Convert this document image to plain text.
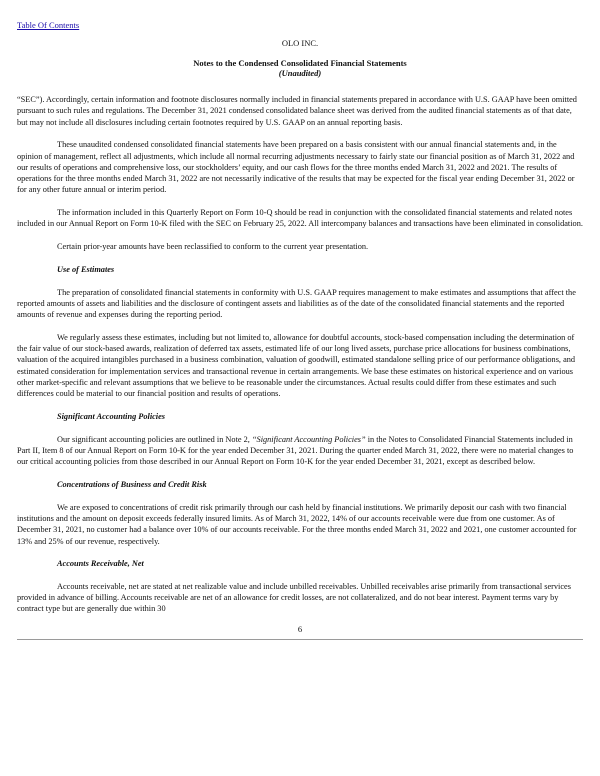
Table Of Contents
OLO INC.
Notes to the Condensed Consolidated Financial Statements
(Unaudited)

“SEC”). Accordingly, certain information and footnote disclosures normally included in financial statements prepared in accordance with U.S. GAAP have been omitted pursuant to such rules and regulations. The December 31, 2021 condensed consolidated balance sheet was derived from the audited financial statements as of that date, but may not include all disclosures including certain footnotes required by U.S. GAAP on an annual reporting basis.

These unaudited condensed consolidated financial statements have been prepared on a basis consistent with our annual financial statements and, in the opinion of management, reflect all adjustments, which include all normal recurring adjustments necessary to fairly state our financial position as of March 31, 2022 and our results of operations and comprehensive loss, our stockholders’ equity, and our cash flows for the three months ended March 31, 2022 and 2021. The results of operations for the three months ended March 31, 2022 are not necessarily indicative of the results that may be expected for the fiscal year ending December 31, 2022 or for any other future annual or interim period.

The information included in this Quarterly Report on Form 10-Q should be read in conjunction with the consolidated financial statements and related notes included in our Annual Report on Form 10-K filed with the SEC on February 25, 2022. All intercompany balances and transactions have been eliminated in consolidation.

Certain prior-year amounts have been reclassified to conform to the current year presentation.

Use of Estimates

The preparation of consolidated financial statements in conformity with U.S. GAAP requires management to make estimates and assumptions that affect the reported amounts of assets and liabilities and the disclosure of contingent assets and liabilities as of the date of the consolidated financial statements and the reported amounts of revenue and expenses during the reporting period.

We regularly assess these estimates, including but not limited to, allowance for doubtful accounts, stock-based compensation including the determination of the fair value of our stock-based awards, realization of deferred tax assets, estimated life of our long lived assets, purchase price allocations for business combinations, valuation of the acquired intangibles purchased in a business combination, valuation of goodwill, estimated standalone selling price of our performance obligations, and estimated consideration for implementation services and transactional revenue in certain arrangements. We base these estimates on historical experience and on various other market-specific and relevant assumptions that we believe to be reasonable under the circumstances. Actual results could differ from these estimates and such differences could be material to our financial position and results of operations.

Significant Accounting Policies

Our significant accounting policies are outlined in Note 2, “Significant Accounting Policies” in the Notes to Consolidated Financial Statements included in Part II, Item 8 of our Annual Report on Form 10-K for the year ended December 31, 2021. During the quarter ended March 31, 2022, there were no material changes to our critical accounting policies from those described in our Annual Report on Form 10-K for the year ended December 31, 2021, except as described below.

Concentrations of Business and Credit Risk

We are exposed to concentrations of credit risk primarily through our cash held by financial institutions. We primarily deposit our cash with two financial institutions and the amount on deposit exceeds federally insured limits. As of March 31, 2022, 14% of our accounts receivable were due from one customer. As of December 31, 2021, no customer had a balance over 10% of our accounts receivable. For the three months ended March 31, 2022 and 2021, one customer accounted for 13% and 25% of our revenue, respectively.

Accounts Receivable, Net

Accounts receivable, net are stated at net realizable value and include unbilled receivables. Unbilled receivables arise primarily from transactional services provided in advance of billing. Accounts receivable are net of an allowance for credit losses, are not collateralized, and do not bear interest. Payment terms vary by contract type but are generally due within 30

6
